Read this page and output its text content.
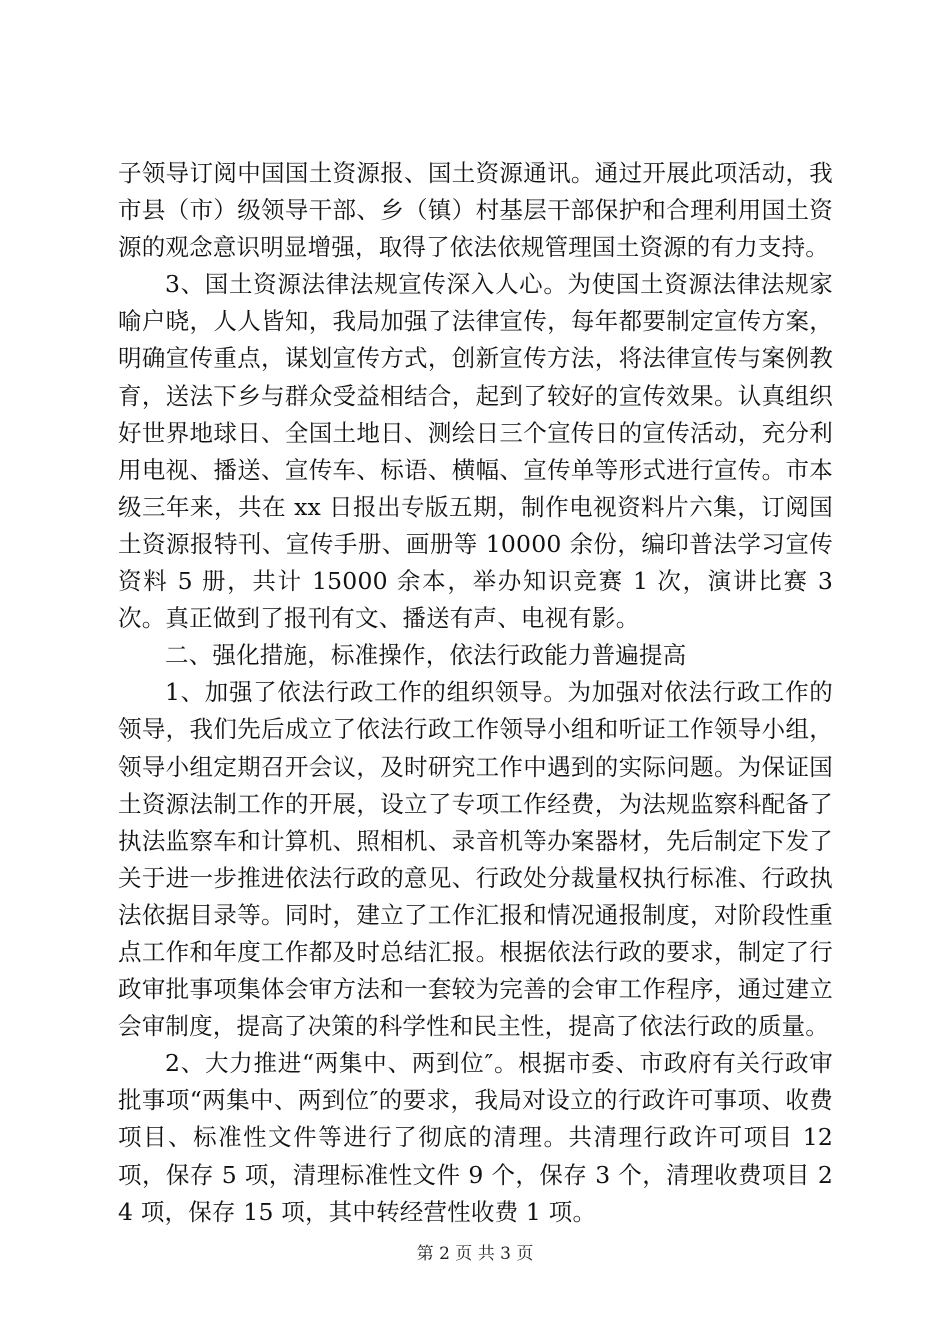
子领导订阅中国国土资源报、国土资源通讯。通过开展此项活动，我市县（市）级领导干部、乡（镇）村基层干部保护和合理利用国土资源的观念意识明显增强，取得了依法依规管理国土资源的有力支持。

3、国土资源法律法规宣传深入人心。为使国土资源法律法规家喻户晓，人人皆知，我局加强了法律宣传，每年都要制定宣传方案，明确宣传重点，谋划宣传方式，创新宣传方法，将法律宣传与案例教育，送法下乡与群众受益相结合，起到了较好的宣传效果。认真组织好世界地球日、全国土地日、测绘日三个宣传日的宣传活动，充分利用电视、播送、宣传车、标语、横幅、宣传单等形式进行宣传。市本级三年来，共在 xx 日报出专版五期，制作电视资料片六集，订阅国土资源报特刊、宣传手册、画册等 10000 余份，编印普法学习宣传资料 5 册，共计 15000 余本，举办知识竞赛 1 次，演讲比赛 3 次。真正做到了报刊有文、播送有声、电视有影。

二、强化措施，标准操作，依法行政能力普遍提高

1、加强了依法行政工作的组织领导。为加强对依法行政工作的领导，我们先后成立了依法行政工作领导小组和听证工作领导小组，领导小组定期召开会议，及时研究工作中遇到的实际问题。为保证国土资源法制工作的开展，设立了专项工作经费，为法规监察科配备了执法监察车和计算机、照相机、录音机等办案器材，先后制定下发了关于进一步推进依法行政的意见、行政处分裁量权执行标准、行政执法依据目录等。同时，建立了工作汇报和情况通报制度，对阶段性重点工作和年度工作都及时总结汇报。根据依法行政的要求，制定了行政审批事项集体会审方法和一套较为完善的会审工作程序，通过建立会审制度，提高了决策的科学性和民主性，提高了依法行政的质量。

2、大力推进“两集中、两到位″。根据市委、市政府有关行政审批事项“两集中、两到位″的要求，我局对设立的行政许可事项、收费项目、标准性文件等进行了彻底的清理。共清理行政许可项目 12 项，保存 5 项，清理标准性文件 9 个，保存 3 个，清理收费项目 24 项，保存 15 项，其中转经营性收费 1 项。

第 2 页 共 3 页
